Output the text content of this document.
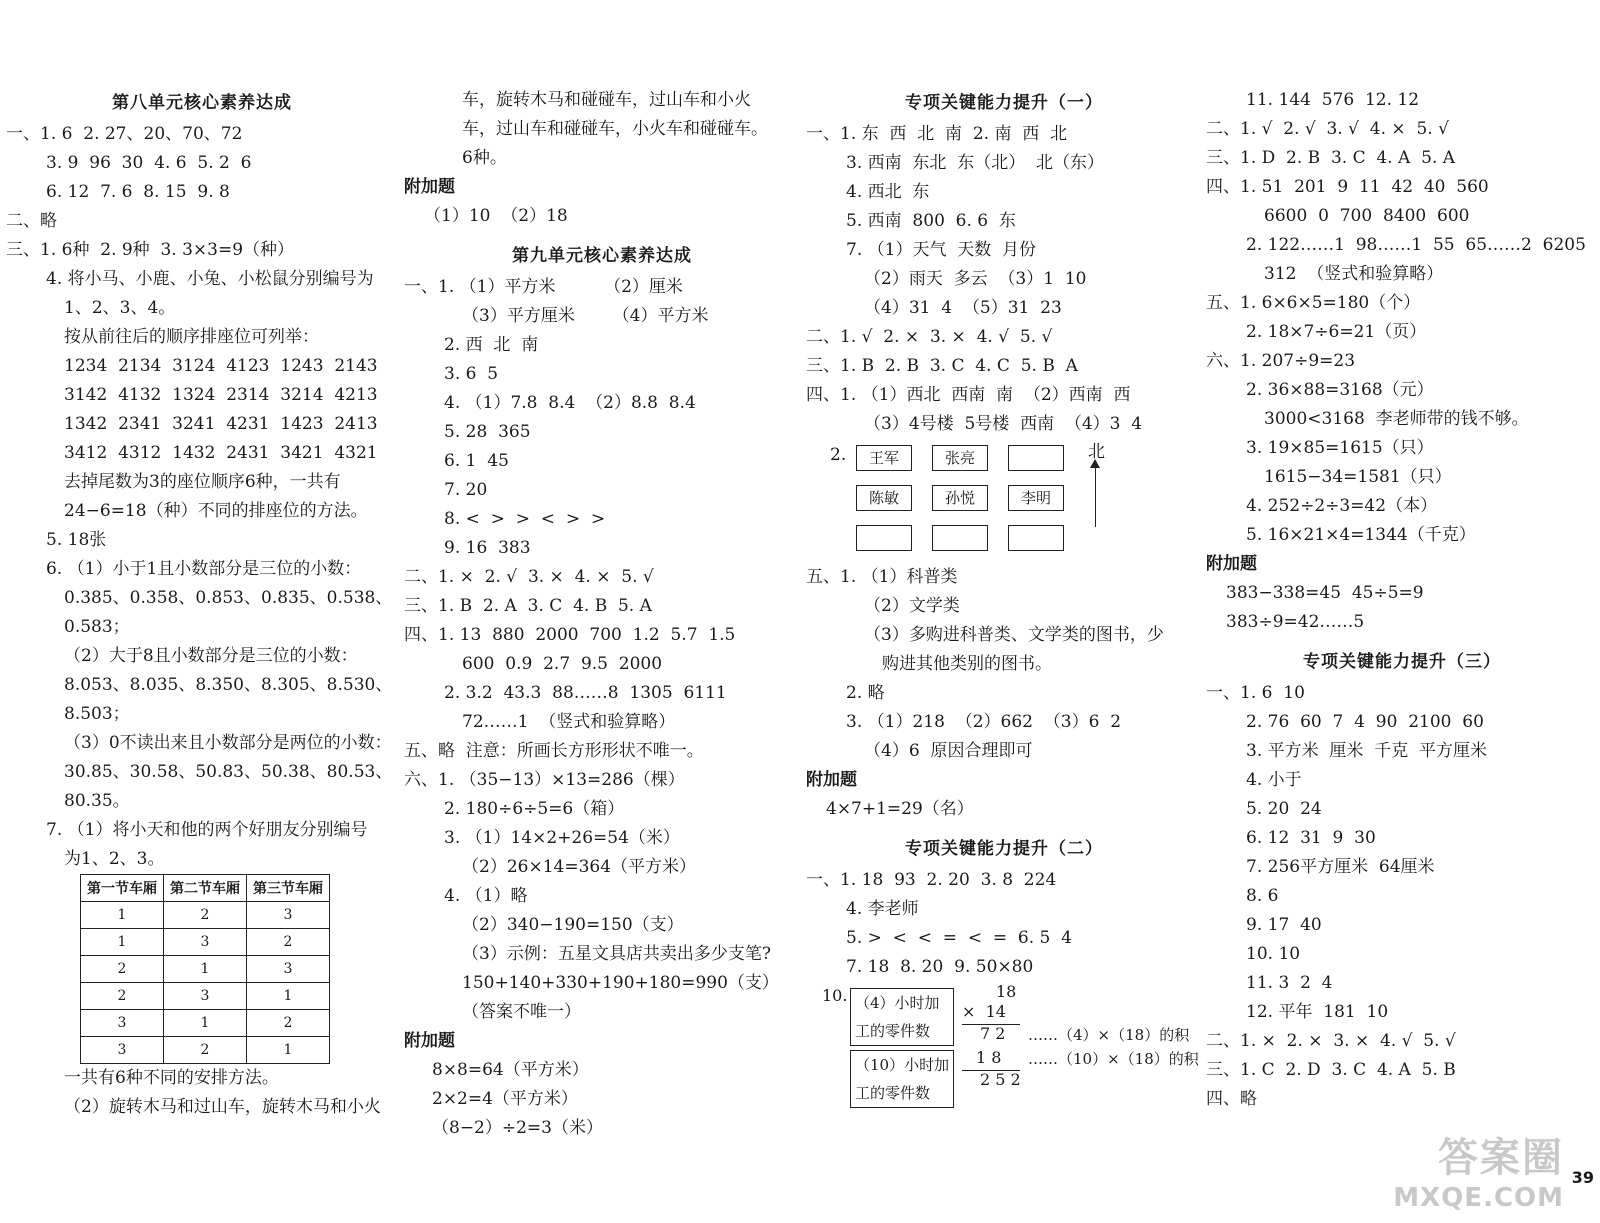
第八单元核心素养达成
一、1. 6  2. 27、20、70、72
3. 9  96  30  4. 6  5. 2  6
6. 12  7. 6  8. 15  9. 8
二、略
三、1. 6种  2. 9种  3. 3×3=9（种）
4. 将小马、小鹿、小兔、小松鼠分别编号为
1、2、3、4。
按从前往后的顺序排座位可列举：
1234  2134  3124  4123  1243  2143
3142  4132  1324  2314  3214  4213
1342  2341  3241  4231  1423  2413
3412  4312  1432  2431  3421  4321
去掉尾数为3的座位顺序6种，一共有
24−6=18（种）不同的排座位的方法。
5. 18张
6. （1）小于1且小数部分是三位的小数：
0.385、0.358、0.853、0.835、0.538、
0.583；
（2）大于8且小数部分是三位的小数：
8.053、8.035、8.350、8.305、8.530、
8.503；
（3）0不读出来且小数部分是两位的小数：
30.85、30.58、50.83、50.38、80.53、
80.35。
7. （1）将小天和他的两个好朋友分别编号
为1、2、3。
第一节车厢	第二节车厢	第三节车厢
1	2	3
1	3	2
2	1	3
2	3	1
3	1	2
3	2	1
一共有6种不同的安排方法。
（2）旋转木马和过山车，旋转木马和小火
车，旋转木马和碰碰车，过山车和小火
车，过山车和碰碰车，小火车和碰碰车。
6种。
附加题
（1）10  （2）18
第九单元核心素养达成
一、1. （1）平方米         （2）厘米
（3）平方厘米       （4）平方米
2. 西  北  南
3. 6  5
4. （1）7.8  8.4  （2）8.8  8.4
5. 28  365
6. 1  45
7. 20
8. <  >  >  <  >  >
9. 16  383
二、1. ×  2. √  3. ×  4. ×  5. √
三、1. B  2. A  3. C  4. B  5. A
四、1. 13  880  2000  700  1.2  5.7  1.5
600  0.9  2.7  9.5  2000
2. 3.2  43.3  88……8  1305  6111
72……1  （竖式和验算略）
五、略  注意：所画长方形形状不唯一。
六、1. （35−13）×13=286（棵）
2. 180÷6÷5=6（箱）
3. （1）14×2+26=54（米）
（2）26×14=364（平方米）
4. （1）略
（2）340−190=150（支）
（3）示例：五星文具店共卖出多少支笔?
150+140+330+190+180=990（支）
（答案不唯一）
附加题
8×8=64（平方米）
2×2=4（平方米）
（8−2）÷2=3（米）
专项关键能力提升（一）
一、1. 东  西  北  南  2. 南  西  北
3. 西南  东北  东（北）  北（东）
4. 西北  东
5. 西南  800  6. 6  东
7. （1）天气  天数  月份
（2）雨天  多云  （3）1  10
（4）31  4  （5）31  23
二、1. √  2. ×  3. ×  4. √  5. √
三、1. B  2. B  3. C  4. C  5. B  A
四、1. （1）西北  西南  南  （2）西南  西
（3）4号楼  5号楼  西南  （4）3  4
2.	王军	张亮
陈敏	孙悦	李明
北
五、1. （1）科普类
（2）文学类
（3）多购进科普类、文学类的图书，少
购进其他类别的图书。
2. 略
3. （1）218  （2）662  （3）6  2
（4）6  原因合理即可
附加题
4×7+1=29（名）
专项关键能力提升（二）
一、1. 18  93  2. 20  3. 8  224
4. 李老师
5. >  <  <  =  <  =  6. 5  4
7. 18  8. 20  9. 50×80
10. （4）小时加
工的零件数
（10）小时加
工的零件数
18
×  14
7 2
1 8
2 5 2
……（4）×（18）的积
……（10）×（18）的积
11. 144  576  12. 12
二、1. √  2. √  3. √  4. ×  5. √
三、1. D  2. B  3. C  4. A  5. A
四、1. 51  201  9  11  42  40  560
6600  0  700  8400  600
2. 122……1  98……1  55  65……2  6205
312  （竖式和验算略）
五、1. 6×6×5=180（个）
2. 18×7÷6=21（页）
六、1. 207÷9=23
2. 36×88=3168（元）
3000<3168  李老师带的钱不够。
3. 19×85=1615（只）
1615−34=1581（只）
4. 252÷2÷3=42（本）
5. 16×21×4=1344（千克）
附加题
383−338=45  45÷5=9
383÷9=42……5
专项关键能力提升（三）
一、1. 6  10
2. 76  60  7  4  90  2100  60
3. 平方米  厘米  千克  平方厘米
4. 小于
5. 20  24
6. 12  31  9  30
7. 256平方厘米  64厘米
8. 6
9. 17  40
10. 10
11. 3  2  4
12. 平年  181  10
二、1. ×  2. ×  3. ×  4. √  5. √
三、1. C  2. D  3. C  4. A  5. B
四、略
答案圈
MXQE.COM
39
